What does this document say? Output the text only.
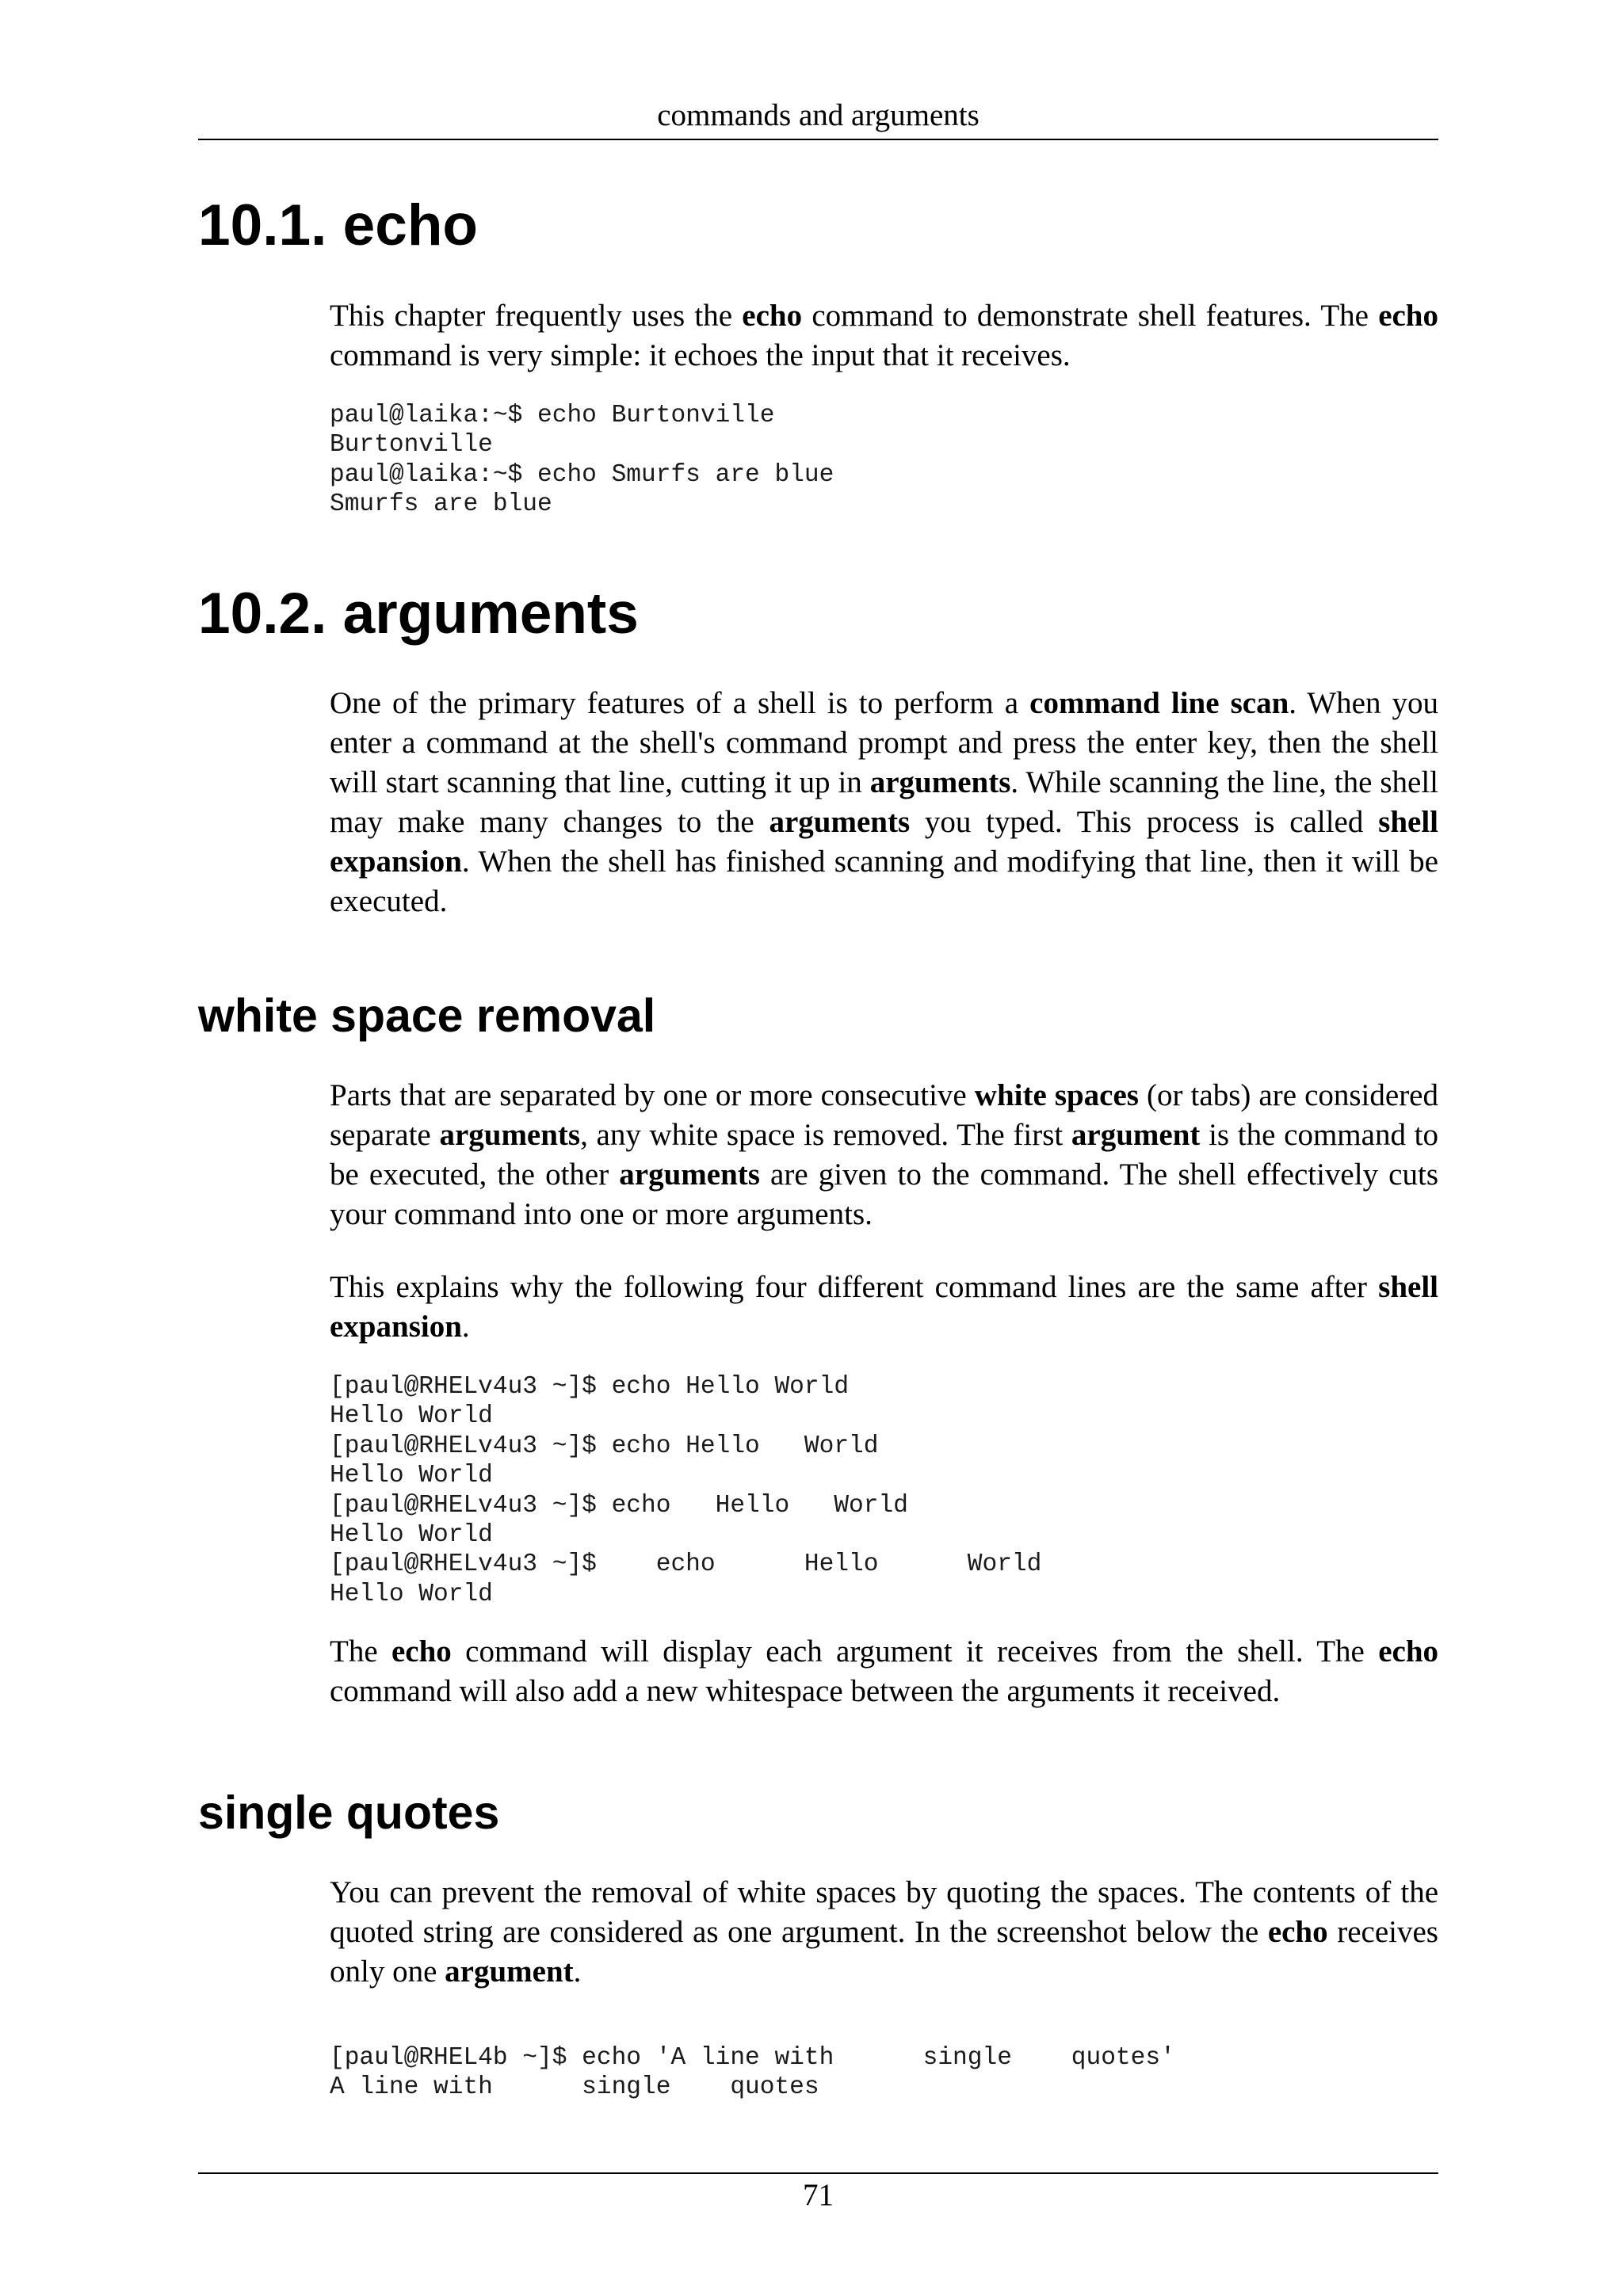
commands and arguments
10.1. echo

This chapter frequently uses the echo command to demonstrate shell features. The echo command is very simple: it echoes the input that it receives.

paul@laika:~$ echo Burtonville
Burtonville
paul@laika:~$ echo Smurfs are blue
Smurfs are blue
10.2. arguments

One of the primary features of a shell is to perform a command line scan. When you enter a command at the shell's command prompt and press the enter key, then the shell will start scanning that line, cutting it up in arguments. While scanning the line, the shell may make many changes to the arguments you typed. This process is called shell expansion. When the shell has finished scanning and modifying that line, then it will be executed.

white space removal

Parts that are separated by one or more consecutive white spaces (or tabs) are considered separate arguments, any white space is removed. The first argument is the command to be executed, the other arguments are given to the command. The shell effectively cuts your command into one or more arguments.

This explains why the following four different command lines are the same after shell expansion.

[paul@RHELv4u3 ~]$ echo Hello World
Hello World
[paul@RHELv4u3 ~]$ echo Hello   World
Hello World
[paul@RHELv4u3 ~]$ echo   Hello   World
Hello World
[paul@RHELv4u3 ~]$    echo      Hello      World
Hello World

The echo command will display each argument it receives from the shell. The echo command will also add a new whitespace between the arguments it received.

single quotes

You can prevent the removal of white spaces by quoting the spaces. The contents of the quoted string are considered as one argument. In the screenshot below the echo receives only one argument.

[paul@RHEL4b ~]$ echo 'A line with      single    quotes'
A line with      single    quotes
71
